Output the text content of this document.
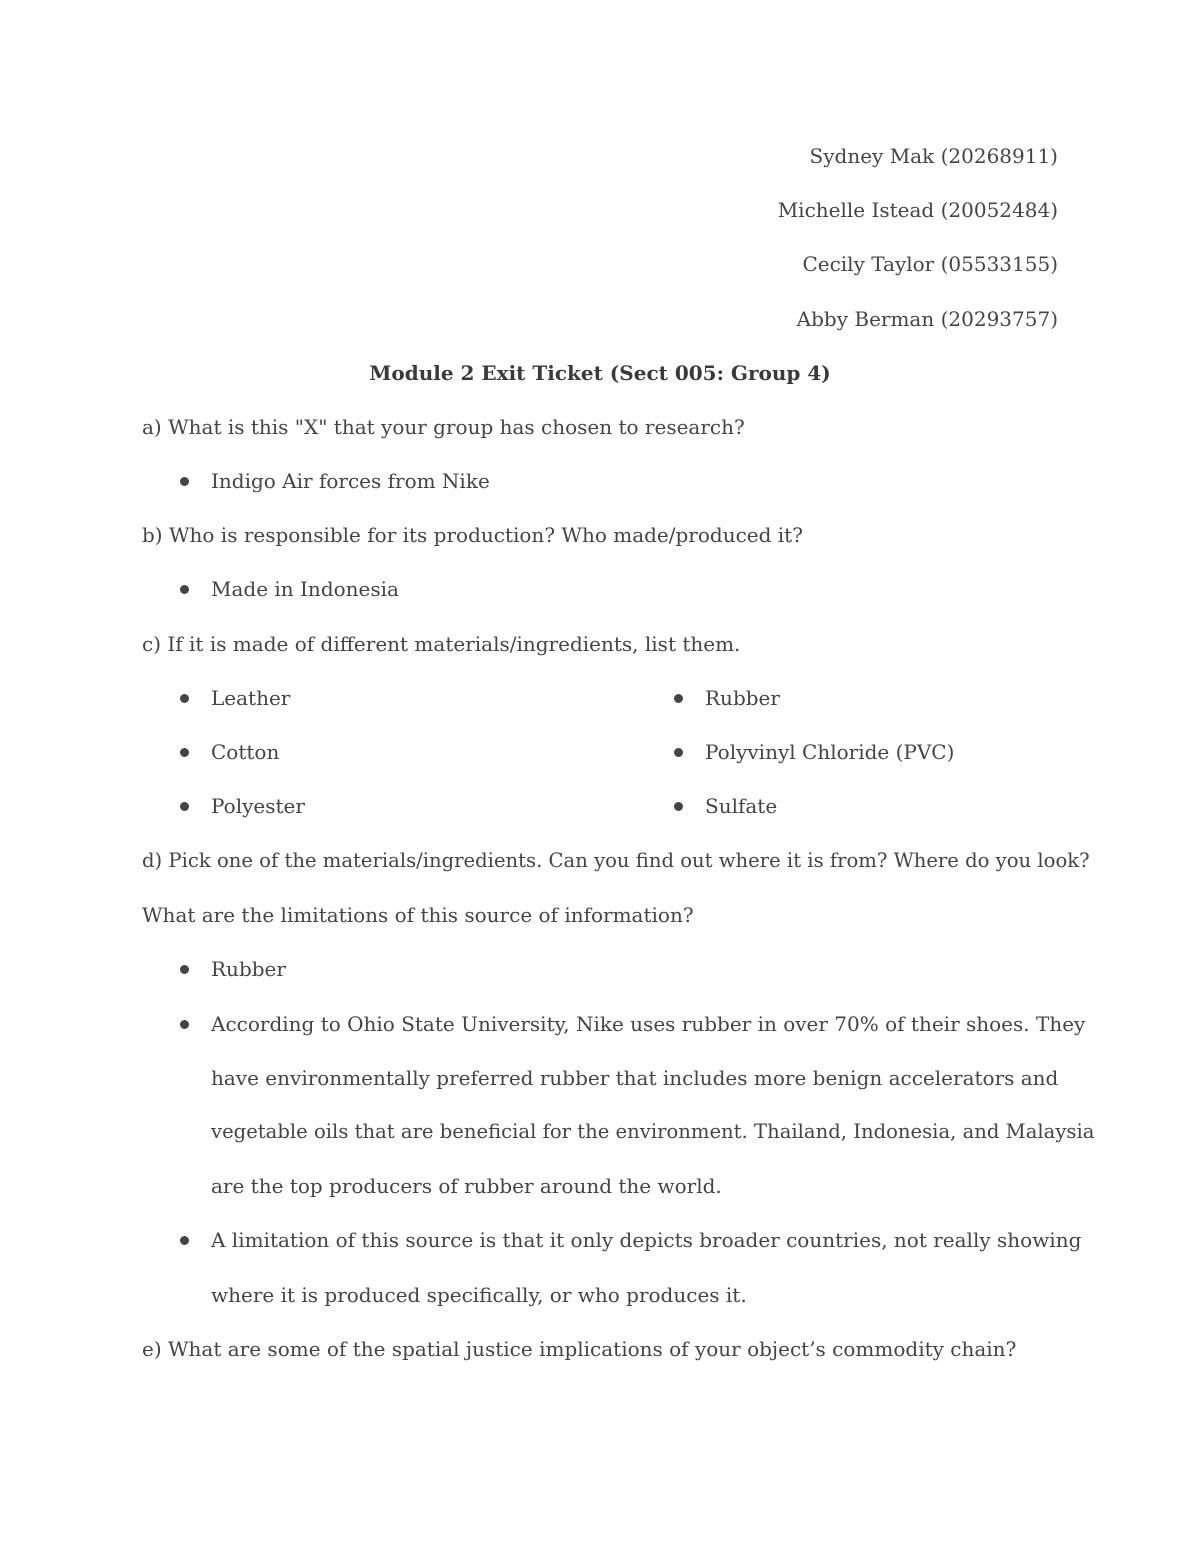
Sydney Mak (20268911)
Michelle Istead (20052484)
Cecily Taylor (05533155)
Abby Berman (20293757)
Module 2 Exit Ticket (Sect 005: Group 4)
a) What is this "X" that your group has chosen to research?
Indigo Air forces from Nike
b) Who is responsible for its production? Who made/produced it?
Made in Indonesia
c) If it is made of different materials/ingredients, list them.
Leather	Rubber
Cotton	Polyvinyl Chloride (PVC)
Polyester	Sulfate
d) Pick one of the materials/ingredients. Can you find out where it is from? Where do you look?
What are the limitations of this source of information?
Rubber
According to Ohio State University, Nike uses rubber in over 70% of their shoes. They
have environmentally preferred rubber that includes more benign accelerators and
vegetable oils that are beneficial for the environment. Thailand, Indonesia, and Malaysia
are the top producers of rubber around the world.
A limitation of this source is that it only depicts broader countries, not really showing
where it is produced specifically, or who produces it.
e) What are some of the spatial justice implications of your object’s commodity chain?
